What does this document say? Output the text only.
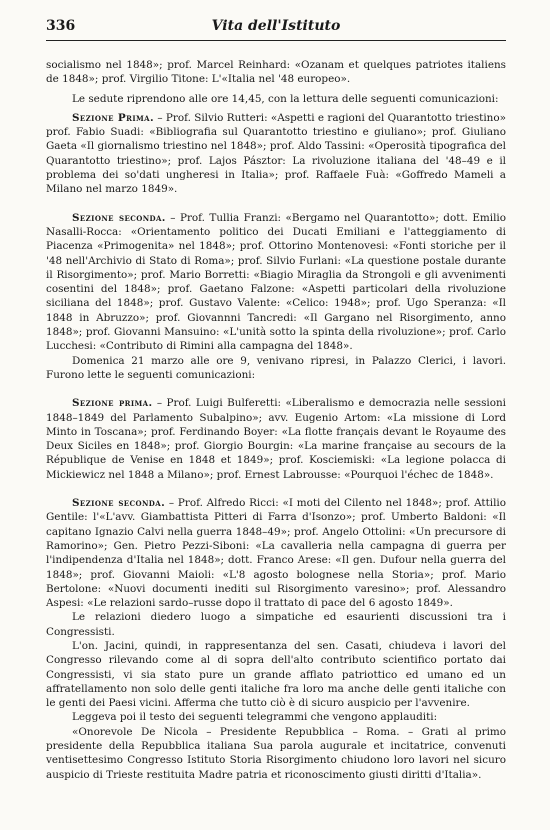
336	Vita dell'Istituto

socialismo nel 1848»; prof. Marcel Reinhard: «Ozanam et quelques patriotes italiens de 1848»; prof. Virgilio Titone: L'«Italia nel '48 europeo».

Le sedute riprendono alle ore 14,45, con la lettura delle seguenti comunicazioni:

Sezione Prima. – Prof. Silvio Rutteri: «Aspetti e ragioni del Quarantotto triestino» prof. Fabio Suadi: «Bibliografia sul Quarantotto triestino e giuliano»; prof. Giuliano Gaeta «Il giornalismo triestino nel 1848»; prof. Aldo Tassini: «Operosità tipografica del Quarantotto triestino»; prof. Lajos Pásztor: La rivoluzione italiana del '48–49 e il problema dei so'dati ungheresi in Italia»; prof. Raffaele Fuà: «Goffredo Mameli a Milano nel marzo 1849».

Sezione seconda. – Prof. Tullia Franzi: «Bergamo nel Quarantotto»; dott. Emilio Nasalli-Rocca: «Orientamento politico dei Ducati Emiliani e l'atteggiamento di Piacenza «Primogenita» nel 1848»; prof. Ottorino Montenovesi: «Fonti storiche per il '48 nell'Archivio di Stato di Roma»; prof. Silvio Furlani: «La questione postale durante il Risorgimento»; prof. Mario Borretti: «Biagio Miraglia da Strongoli e gli avvenimenti cosentini del 1848»; prof. Gaetano Falzone: «Aspetti particolari della rivoluzione siciliana del 1848»; prof. Gustavo Valente: «Celico: 1948»; prof. Ugo Speranza: «Il 1848 in Abruzzo»; prof. Giovannni Tancredi: «Il Gargano nel Risorgimento, anno 1848»; prof. Giovanni Mansuino: «L'unità sotto la spinta della rivoluzione»; prof. Carlo Lucchesi: «Contributo di Rimini alla campagna del 1848».

Domenica 21 marzo alle ore 9, venivano ripresi, in Palazzo Clerici, i lavori. Furono lette le seguenti comunicazioni:

Sezione prima. – Prof. Luigi Bulferetti: «Liberalismo e democrazia nelle sessioni 1848–1849 del Parlamento Subalpino»; avv. Eugenio Artom: «La missione di Lord Minto in Toscana»; prof. Ferdinando Boyer: «La flotte français devant le Royaume des Deux Siciles en 1848»; prof. Giorgio Bourgin: «La marine française au secours de la République de Venise en 1848 et 1849»; prof. Kosciemiski: «La legione polacca di Mickiewicz nel 1848 a Milano»; prof. Ernest Labrousse: «Pourquoi l'échec de 1848».

Sezione seconda. – Prof. Alfredo Ricci: «I moti del Cilento nel 1848»; prof. Attilio Gentile: l'«L'avv. Giambattista Pitteri di Farra d'Isonzo»; prof. Umberto Baldoni: «Il capitano Ignazio Calvi nella guerra 1848–49»; prof. Angelo Ottolini: «Un precursore di Ramorino»; Gen. Pietro Pezzi-Siboni: «La cavalleria nella campagna di guerra per l'indipendenza d'Italia nel 1848»; dott. Franco Arese: «Il gen. Dufour nella guerra del 1848»; prof. Giovanni Maioli: «L'8 agosto bolognese nella Storia»; prof. Mario Bertolone: «Nuovi documenti inediti sul Risorgimento varesino»; prof. Alessandro Aspesi: «Le relazioni sardo–russe dopo il trattato di pace del 6 agosto 1849».

Le relazioni diedero luogo a simpatiche ed esaurienti discussioni tra i Congressisti.

L'on. Jacini, quindi, in rappresentanza del sen. Casati, chiudeva i lavori del Congresso rilevando come al di sopra dell'alto contributo scientifico portato dai Congressisti, vi sia stato pure un grande afflato patriottico ed umano ed un affratellamento non solo delle genti italiche fra loro ma anche delle genti italiche con le genti dei Paesi vicini. Afferma che tutto ciò è di sicuro auspicio per l'avvenire.

Leggeva poi il testo dei seguenti telegrammi che vengono applauditi:

«Onorevole De Nicola – Presidente Repubblica – Roma. – Grati al primo presidente della Repubblica italiana Sua parola augurale et incitatrice, convenuti ventisettesimo Congresso Istituto Storia Risorgimento chiudono loro lavori nel sicuro auspicio di Trieste restituita Madre patria et riconoscimento giusti diritti d'Italia».
